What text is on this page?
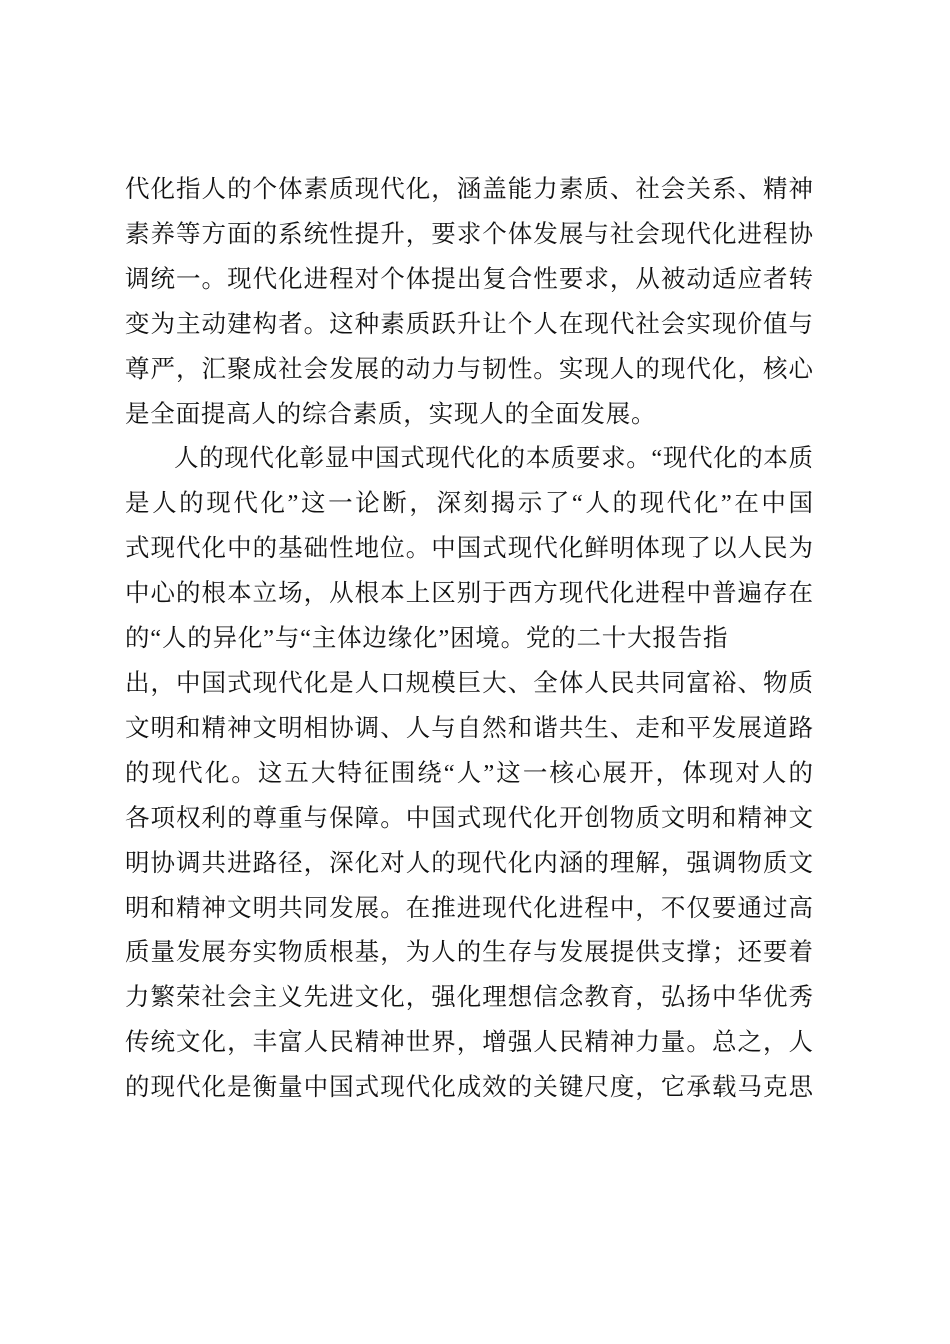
代化指人的个体素质现代化，涵盖能力素质、社会关系、精神
素养等方面的系统性提升，要求个体发展与社会现代化进程协
调统一。现代化进程对个体提出复合性要求，从被动适应者转
变为主动建构者。这种素质跃升让个人在现代社会实现价值与
尊严，汇聚成社会发展的动力与韧性。实现人的现代化，核心
是全面提高人的综合素质，实现人的全面发展。
人的现代化彰显中国式现代化的本质要求。“现代化的本质
是人的现代化”这一论断，深刻揭示了“人的现代化”在中国
式现代化中的基础性地位。中国式现代化鲜明体现了以人民为
中心的根本立场，从根本上区别于西方现代化进程中普遍存在
的“人的异化”与“主体边缘化”困境。党的二十大报告指
出，中国式现代化是人口规模巨大、全体人民共同富裕、物质
文明和精神文明相协调、人与自然和谐共生、走和平发展道路
的现代化。这五大特征围绕“人”这一核心展开，体现对人的
各项权利的尊重与保障。中国式现代化开创物质文明和精神文
明协调共进路径，深化对人的现代化内涵的理解，强调物质文
明和精神文明共同发展。在推进现代化进程中，不仅要通过高
质量发展夯实物质根基，为人的生存与发展提供支撑；还要着
力繁荣社会主义先进文化，强化理想信念教育，弘扬中华优秀
传统文化，丰富人民精神世界，增强人民精神力量。总之，人
的现代化是衡量中国式现代化成效的关键尺度，它承载马克思
